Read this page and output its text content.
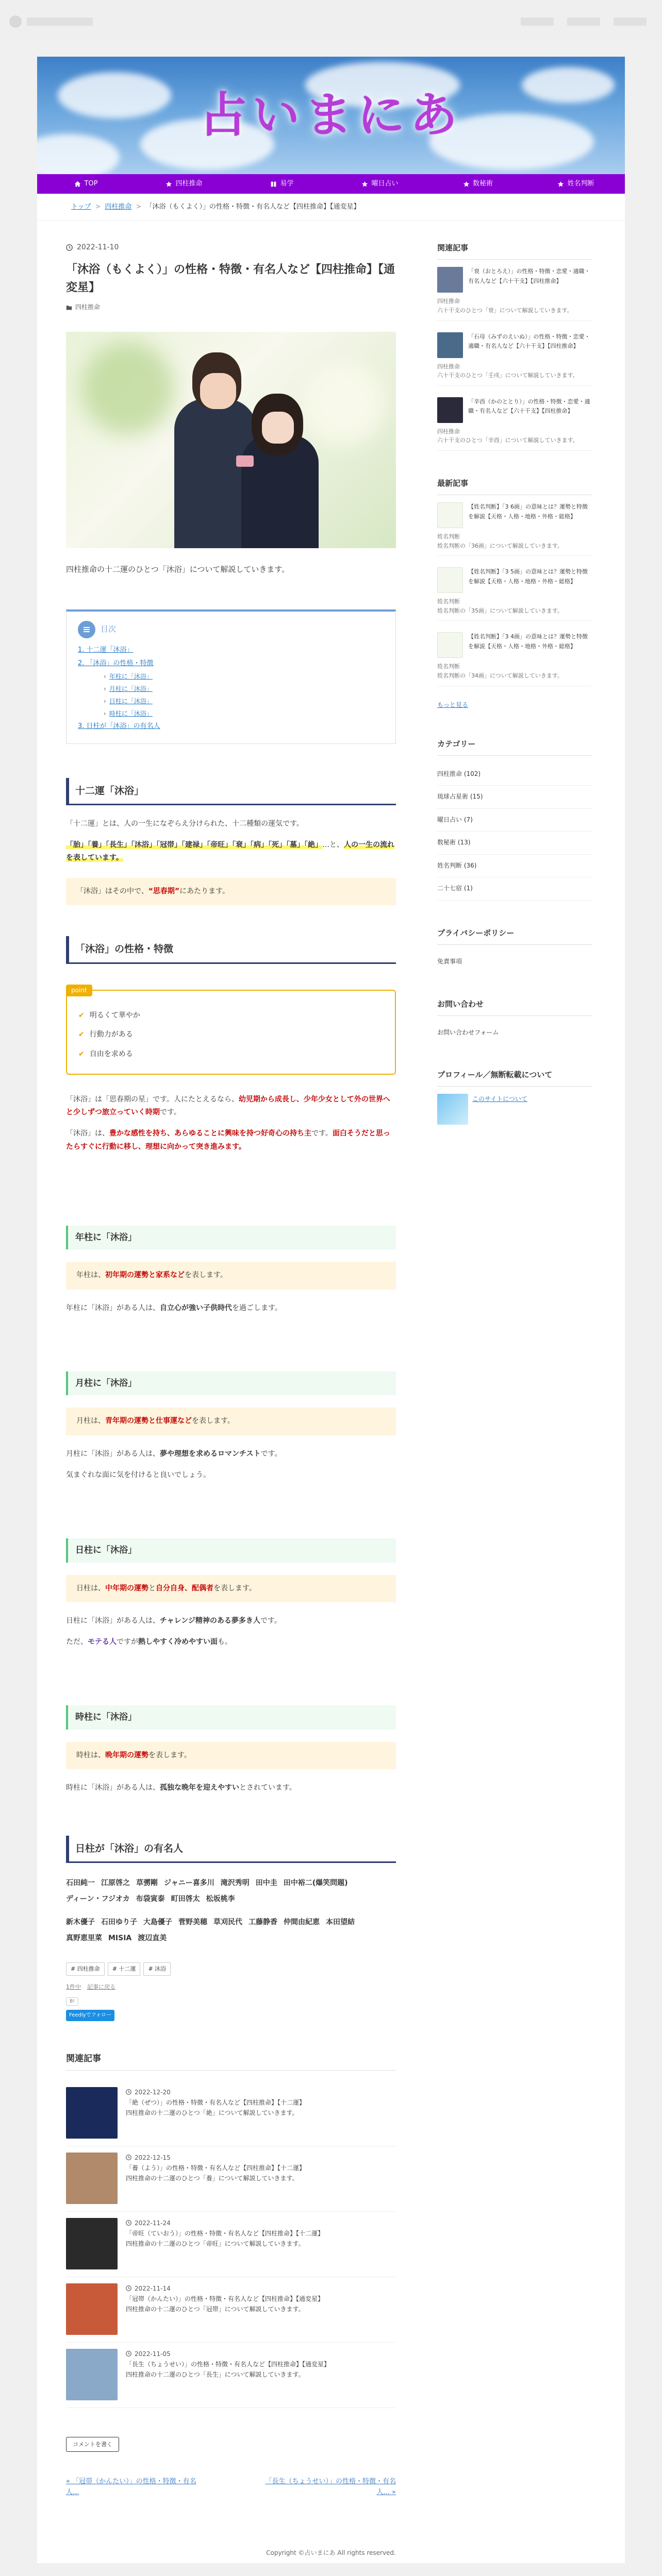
占いまにあ
TOP	四柱推命	易学	曜日占い	数秘術	姓名判断
トップ > 四柱推命 > 「沐浴（もくよく）」の性格・特徴・有名人など【四柱推命】【通変星】
2022-11-10
「沐浴（もくよく）」の性格・特徴・有名人など【四柱推命】【通変星】
四柱推命

四柱推命の十二運のひとつ「沐浴」について解説していきます。

目次
1. 十二運「沐浴」
2. 「沐浴」の性格・特徴
› 年柱に「沐浴」
› 月柱に「沐浴」
› 日柱に「沐浴」
› 時柱に「沐浴」
3. 日柱が「沐浴」の有名人
十二運「沐浴」

「十二運」とは、人の一生になぞらえ分けられた、十二種類の運気です。

「胎」「養」「長生」「沐浴」「冠帯」「建禄」「帝旺」「衰」「病」「死」「墓」「絶」…と、人の一生の流れを表しています。

「沐浴」はその中で、“思春期”にあたります。
「沐浴」の性格・特徴
point
✔ 明るくて華やか
✔ 行動力がある
✔ 自由を求める

「沐浴」は「思春期の星」です。人にたとえるなら、幼児期から成長し、少年少女として外の世界へと少しずつ旅立っていく時期です。

「沐浴」は、豊かな感性を持ち、あらゆることに興味を持つ好奇心の持ち主です。面白そうだと思ったらすぐに行動に移し、理想に向かって突き進みます。

年柱に「沐浴」
年柱は、初年期の運勢と家系などを表します。

年柱に「沐浴」がある人は、自立心が強い子供時代を過ごします。

月柱に「沐浴」
月柱は、青年期の運勢と仕事運などを表します。

月柱に「沐浴」がある人は、夢や理想を求めるロマンチストです。

気まぐれな面に気を付けると良いでしょう。

日柱に「沐浴」
日柱は、中年期の運勢と自分自身、配偶者を表します。

日柱に「沐浴」がある人は、チャレンジ精神のある夢多き人です。

ただ、モテる人ですが熱しやすく冷めやすい面も。

時柱に「沐浴」
時柱は、晩年期の運勢を表します。

時柱に「沐浴」がある人は、孤独な晩年を迎えやすいとされています。

日柱が「沐浴」の有名人
石田純一 江原啓之 草彅剛 ジャニー喜多川 滝沢秀明 田中圭 田中裕二(爆笑問題)
ディーン・フジオカ 布袋寅泰 町田啓太 松坂桃李
新木優子 石田ゆり子 大島優子 菅野美穂 草刈民代 工藤静香 仲間由紀恵 本田望結
真野恵里菜 MISIA 渡辺直美
# 四柱推命	# 十二運	# 沐浴
1件中 記事に戻る
B!
Feedlyでフォロー
関連記事
2022-12-20
「絶（ぜつ）」の性格・特徴・有名人など【四柱推命】【十二運】
四柱推命の十二運のひとつ「絶」について解説していきます。
2022-12-15
「養（よう）」の性格・特徴・有名人など【四柱推命】【十二運】
四柱推命の十二運のひとつ「養」について解説していきます。
2022-11-24
「帝旺（ていおう）」の性格・特徴・有名人など【四柱推命】【十二運】
四柱推命の十二運のひとつ「帝旺」について解説していきます。
2022-11-14
「冠帯（かんたい）」の性格・特徴・有名人など【四柱推命】【通変星】
四柱推命の十二運のひとつ「冠帯」について解説していきます。
2022-11-05
「長生（ちょうせい）」の性格・特徴・有名人など【四柱推命】【通変星】
四柱推命の十二運のひとつ「長生」について解説していきます。
コメントを書く
« 「冠帯（かんたい）」の性格・特徴・有名人...
「長生（ちょうせい）」の性格・特徴・有名人... »
関連記事
「衰（おとろえ）」の性格・特徴・恋愛・適職・有名人など【六十干支】【四柱推命】
四柱推命
六十干支のひとつ「衰」について解説していきます。
「石母（みずのえいぬ）」の性格・特徴・恋愛・適職・有名人など【六十干支】【四柱推命】
四柱推命
六十干支のひとつ「壬戌」について解説していきます。
「辛酉（かのととり）」の性格・特徴・恋愛・適職・有名人など【六十干支】【四柱推命】
四柱推命
六十干支のひとつ「辛酉」について解説していきます。
最新記事
【姓名判断】「3 6画」の意味とは？運勢と特徴を解説【天格・人格・地格・外格・総格】
姓名判断
姓名判断の「36画」について解説していきます。
【姓名判断】「3 5画」の意味とは？運勢と特徴を解説【天格・人格・地格・外格・総格】
姓名判断
姓名判断の「35画」について解説していきます。
【姓名判断】「3 4画」の意味とは？運勢と特徴を解説【天格・人格・地格・外格・総格】
姓名判断
姓名判断の「34画」について解説していきます。
もっと見る
カテゴリー
四柱推命 (102)
琉球占星術 (15)
曜日占い (7)
数秘術 (13)
姓名判断 (36)
二十七宿 (1)
プライバシーポリシー
免責事項
お問い合わせ
お問い合わせフォーム
プロフィール／無断転載について
このサイトについて
Copyright ©占いまにあ All rights reserved.
